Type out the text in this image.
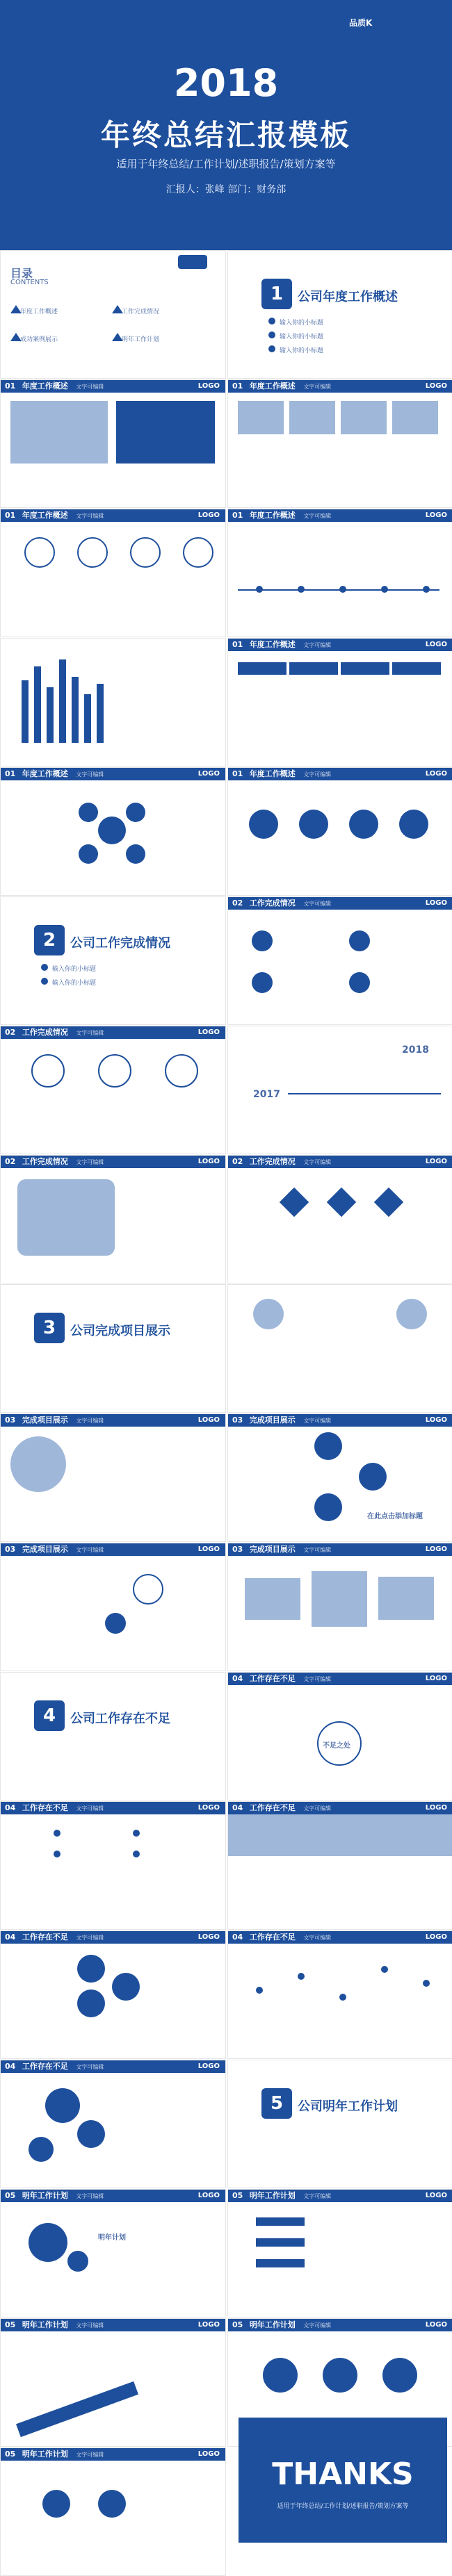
品质K
2018
年终总结汇报模板
适用于年终总结/工作计划/述职报告/策划方案等
汇报人：张峰 部门：财务部
目录
CONTENTS
年度工作概述	工作完成情况
成功案例展示	明年工作计划
1	公司年度工作概述
输入你的小标题
输入你的小标题
输入你的小标题
01 年度工作概述 文字可编辑	LOGO	01 年度工作概述 文字可编辑	LOGO
01 年度工作概述 文字可编辑	LOGO	01 年度工作概述 文字可编辑	LOGO
01 年度工作概述 文字可编辑	LOGO
01 年度工作概述 文字可编辑	LOGO	01 年度工作概述 文字可编辑	LOGO
2	公司工作完成情况
输入你的小标题
输入你的小标题
02 工作完成情况 文字可编辑	LOGO
02 工作完成情况 文字可编辑	LOGO
2018
2017
02 工作完成情况 文字可编辑	LOGO	02 工作完成情况 文字可编辑	LOGO
3	公司完成项目展示
03 完成项目展示 文字可编辑	LOGO	03 完成项目展示 文字可编辑	LOGO
在此点击添加标题
03 完成项目展示 文字可编辑	LOGO	03 完成项目展示 文字可编辑	LOGO
4	公司工作存在不足
04 工作存在不足 文字可编辑	LOGO
不足之处
04 工作存在不足 文字可编辑	LOGO	04 工作存在不足 文字可编辑	LOGO
04 工作存在不足 文字可编辑	LOGO	04 工作存在不足 文字可编辑	LOGO
04 工作存在不足 文字可编辑	LOGO
5	公司明年工作计划
05 明年工作计划 文字可编辑	LOGO
明年计划
05 明年工作计划 文字可编辑	LOGO
05 明年工作计划 文字可编辑	LOGO	05 明年工作计划 文字可编辑	LOGO
05 明年工作计划 文字可编辑	LOGO
THANKS
适用于年终总结/工作计划/述职报告/策划方案等
